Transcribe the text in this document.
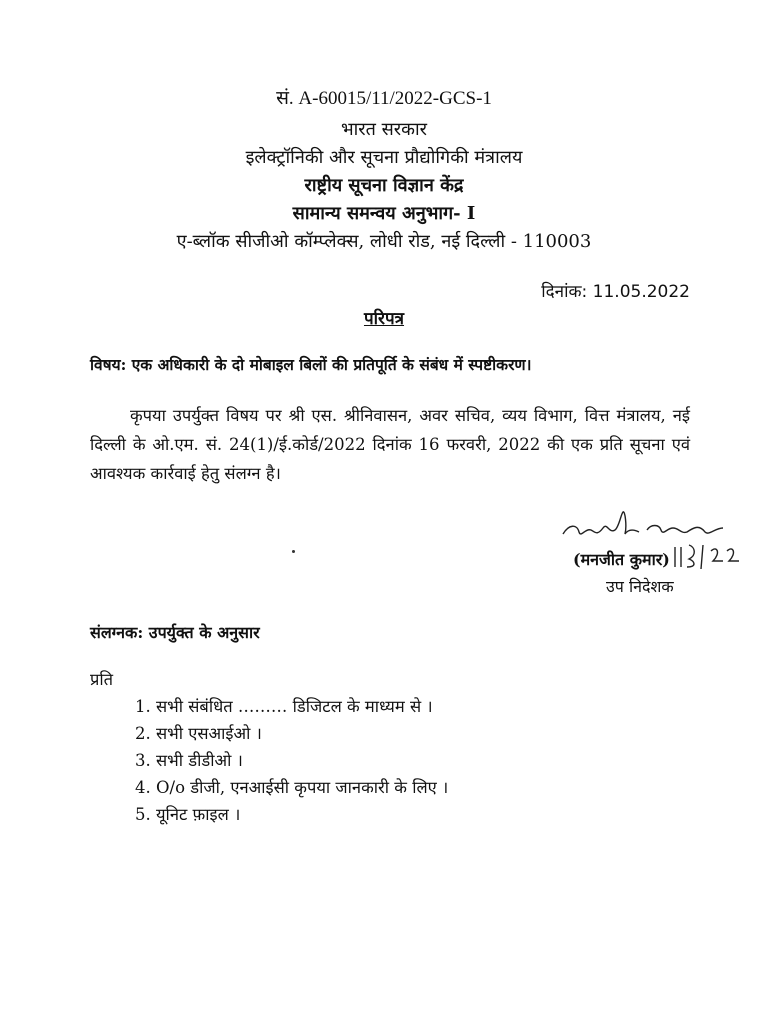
सं. A-60015/11/2022-GCS-1
भारत सरकार
इलेक्ट्रॉनिकी और सूचना प्रौद्योगिकी मंत्रालय
राष्ट्रीय सूचना विज्ञान केंद्र
सामान्य समन्वय अनुभाग- I
ए-ब्लॉक सीजीओ कॉम्प्लेक्स, लोधी रोड, नई दिल्ली - 110003
दिनांक: 11.05.2022
परिपत्र
विषय: एक अधिकारी के दो मोबाइल बिलों की प्रतिपूर्ति के संबंध में स्पष्टीकरण।
कृपया उपर्युक्त विषय पर श्री एस. श्रीनिवासन, अवर सचिव, व्यय विभाग, वित्त मंत्रालय, नई दिल्ली के ओ.एम. सं. 24(1)/ई.कोर्ड/2022 दिनांक 16 फरवरी, 2022 की एक प्रति सूचना एवं आवश्यक कार्रवाई हेतु संलग्न है।
(मनजीत कुमार)
उप निदेशक
संलग्नक: उपर्युक्त के अनुसार
प्रति
1. सभी संबंधित ……… डिजिटल के माध्यम से ।
2. सभी एसआईओ ।
3. सभी डीडीओ ।
4. O/o डीजी, एनआईसी कृपया जानकारी के लिए ।
5. यूनिट फ़ाइल ।
